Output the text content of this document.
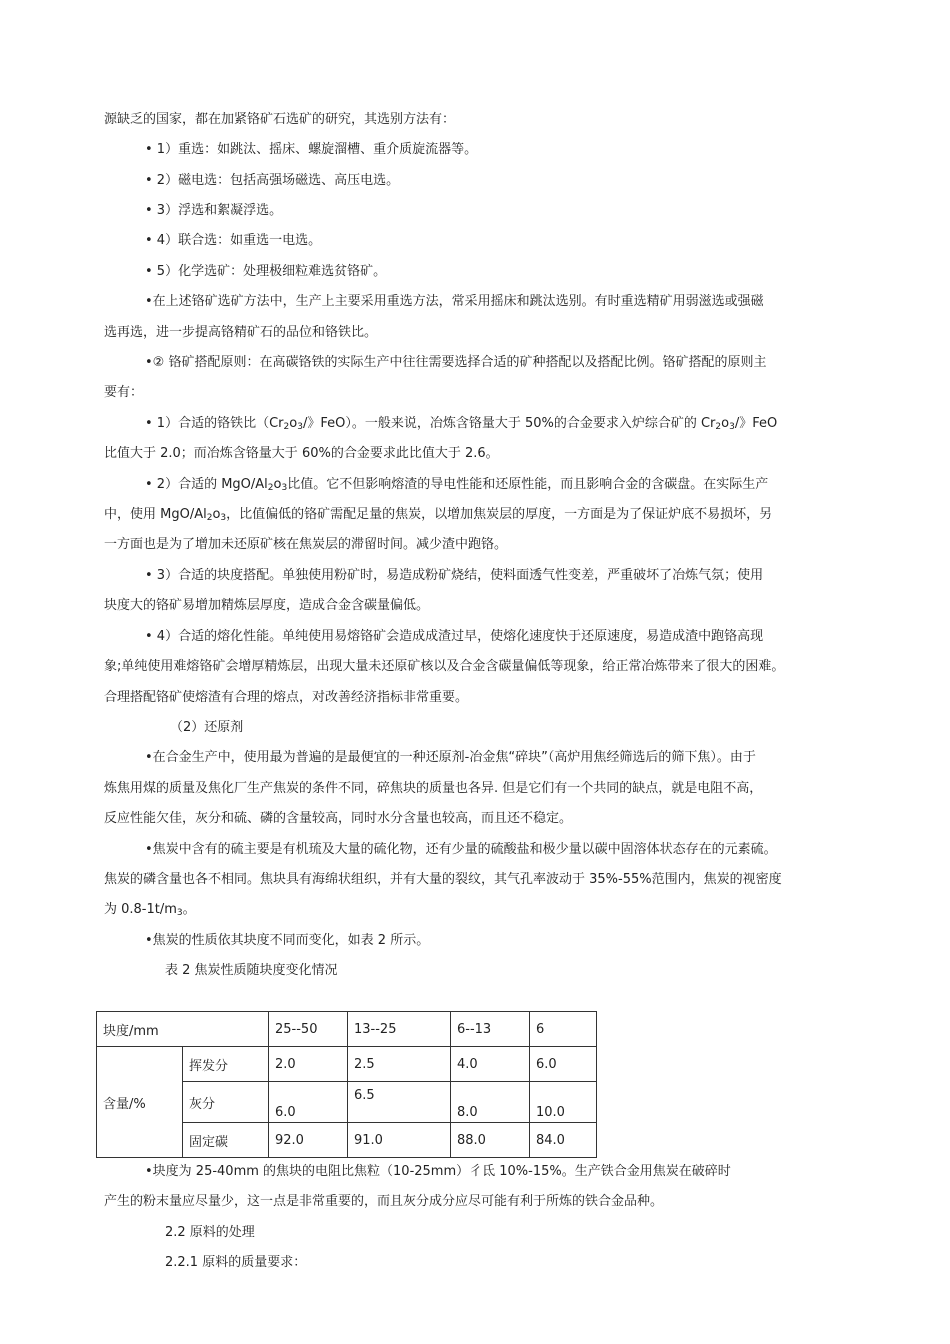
源缺乏的国家，都在加紧铬矿石选矿的研究，其选别方法有：
• 1）重选：如跳汰、摇床、螺旋溜槽、重介质旋流器等。
• 2）磁电选：包括高强场磁选、高压电选。
• 3）浮选和絮凝浮选。
• 4）联合选：如重选一电选。
• 5）化学选矿：处理极细粒难选贫铬矿。
•在上述铬矿选矿方法中，生产上主要采用重选方法，常采用摇床和跳汰选别。有时重选精矿用弱滋选或强磁
选再选，进一步提高铬精矿石的品位和铬铁比。
•② 铬矿搭配原则：在高碳铬铁的实际生产中往往需要选择合适的矿种搭配以及搭配比例。铬矿搭配的原则主
要有：
• 1）合适的铬铁比（$Cr_2o_3/$》FeO）。一般来说，冶炼含铬量大于 50%的合金要求入炉综合矿的 $Cr_2o_3/$》FeO
比值大于 2.0；而冶炼含铬量大于 60%的合金要求此比值大于 2.6。
• 2）合适的 MgO/$Al_2o_3$比值。它不但影响熔渣的导电性能和还原性能，而且影响合金的含碳盘。在实际生产
中，使用 MgO/$Al_2o_3$，比值偏低的铬矿需配足量的焦炭，以增加焦炭层的厚度，一方面是为了保证炉底不易损坏，另
一方面也是为了增加未还原矿核在焦炭层的滞留时间。减少渣中跑铬。
• 3）合适的块度搭配。单独使用粉矿时，易造成粉矿烧结，使料面透气性变差，严重破坏了冶炼气氛；使用
块度大的铬矿易增加精炼层厚度，造成合金含碳量偏低。
• 4）合适的熔化性能。单纯使用易熔铬矿会造成成渣过早，使熔化速度快于还原速度，易造成渣中跑铬高现
象;单纯使用难熔铬矿会增厚精炼层，出现大量未还原矿核以及合金含碳量偏低等现象，给正常冶炼带来了很大的困难。
合理搭配铬矿使熔渣有合理的熔点，对改善经济指标非常重要。
（2）还原剂
•在合金生产中，使用最为普遍的是最便宜的一种还原剂-冶金焦“碎块”（高炉用焦经筛选后的筛下焦）。由于
炼焦用煤的质量及焦化厂生产焦炭的条件不同，碎焦块的质量也各异. 但是它们有一个共同的缺点，就是电阻不高，
反应性能欠佳，灰分和硫、磷的含量较高，同时水分含量也较高，而且还不稳定。
•焦炭中含有的硫主要是有机琉及大量的硫化物，还有少量的硫酸盐和极少量以碳中固溶体状态存在的元素硫。
焦炭的磷含量也各不相同。焦块具有海绵状组织，并有大量的裂纹，其气孔率波动于 35%-55%范围内，焦炭的视密度
为 $0.8-1t/m_3$。
•焦炭的性质依其块度不同而变化，如表 2 所示。
表 2 焦炭性质随块度变化情况
块度/mm		25--50	13--25	6--13	6
含量/%	挥发分	2.0	2.5	4.0	6.0
	灰分	6.0	6.5	8.0	10.0
	固定碳	92.0	91.0	88.0	84.0
•块度为 25-40mm 的焦块的电阻比焦粒（10-25mm）彳氐 10%-15%。生产铁合金用焦炭在破碎时
产生的粉末量应尽量少，这一点是非常重要的，而且灰分成分应尽可能有利于所炼的铁合金品种。
2.2 原料的处理
2.2.1 原料的质量要求：
